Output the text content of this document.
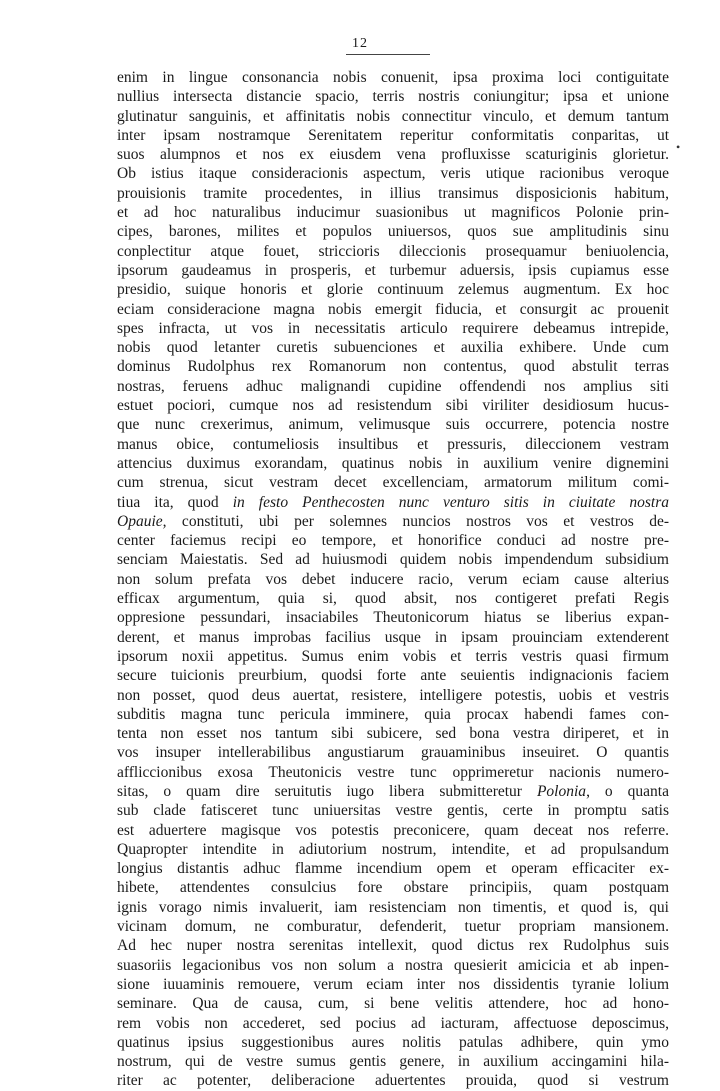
12
•
enim in lingue consonancia nobis conuenit, ipsa proxima loci contiguitate
nullius intersecta distancie spacio, terris nostris coniungitur; ipsa et unione
glutinatur sanguinis, et affinitatis nobis connectitur vinculo, et demum tantum
inter ipsam nostramque Serenitatem reperitur conformitatis conparitas, ut
suos alumpnos et nos ex eiusdem vena profluxisse scaturiginis glorietur.
Ob istius itaque consideracionis aspectum, veris utique racionibus veroque
prouisionis tramite procedentes, in illius transimus disposicionis habitum,
et ad hoc naturalibus inducimur suasionibus ut magnificos Polonie prin-
cipes, barones, milites et populos uniuersos, quos sue amplitudinis sinu
conplectitur atque fouet, striccioris dileccionis prosequamur beniuolencia,
ipsorum gaudeamus in prosperis, et turbemur aduersis, ipsis cupiamus esse
presidio, suique honoris et glorie continuum zelemus augmentum. Ex hoc
eciam consideracione magna nobis emergit fiducia, et consurgit ac prouenit
spes infracta, ut vos in necessitatis articulo requirere debeamus intrepide,
nobis quod letanter curetis subuenciones et auxilia exhibere. Unde cum
dominus Rudolphus rex Romanorum non contentus, quod abstulit terras
nostras, feruens adhuc malignandi cupidine offendendi nos amplius siti
estuet pociori, cumque nos ad resistendum sibi viriliter desidiosum hucus-
que nunc crexerimus, animum, velimusque suis occurrere, potencia nostre
manus obice, contumeliosis insultibus et pressuris, dileccionem vestram
attencius duximus exorandam, quatinus nobis in auxilium venire dignemini
cum strenua, sicut vestram decet excellenciam, armatorum militum comi-
tiua ita, quod in festo Penthecosten nunc venturo sitis in ciuitate nostra
Opauie, constituti, ubi per solemnes nuncios nostros vos et vestros de-
center faciemus recipi eo tempore, et honorifice conduci ad nostre pre-
senciam Maiestatis. Sed ad huiusmodi quidem nobis impendendum subsidium
non solum prefata vos debet inducere racio, verum eciam cause alterius
efficax argumentum, quia si, quod absit, nos contigeret prefati Regis
oppresione pessundari, insaciabiles Theutonicorum hiatus se liberius expan-
derent, et manus improbas facilius usque in ipsam prouinciam extenderent
ipsorum noxii appetitus. Sumus enim vobis et terris vestris quasi firmum
secure tuicionis preurbium, quodsi forte ante seuientis indignacionis faciem
non posset, quod deus auertat, resistere, intelligere potestis, uobis et vestris
subditis magna tunc pericula imminere, quia procax habendi fames con-
tenta non esset nos tantum sibi subicere, sed bona vestra diriperet, et in
vos insuper intellerabilibus angustiarum grauaminibus inseuiret. O quantis
affliccionibus exosa Theutonicis vestre tunc opprimeretur nacionis numero-
sitas, o quam dire seruitutis iugo libera submitteretur Polonia, o quanta
sub clade fatisceret tunc uniuersitas vestre gentis, certe in promptu satis
est aduertere magisque vos potestis preconicere, quam deceat nos referre.
Quapropter intendite in adiutorium nostrum, intendite, et ad propulsandum
longius distantis adhuc flamme incendium opem et operam efficaciter ex-
hibete, attendentes consulcius fore obstare principiis, quam postquam
ignis vorago nimis invaluerit, iam resistenciam non timentis, et quod is, qui
vicinam domum, ne comburatur, defenderit, tuetur propriam mansionem.
Ad hec nuper nostra serenitas intellexit, quod dictus rex Rudolphus suis
suasoriis legacionibus vos non solum a nostra quesierit amicicia et ab inpen-
sione iuuaminis remouere, verum eciam inter nos dissidentis tyranie lolium
seminare. Qua de causa, cum, si bene velitis attendere, hoc ad hono-
rem vobis non accederet, sed pocius ad iacturam, affectuose deposcimus,
quatinus ipsius suggestionibus aures nolitis patulas adhibere, quin ymo
nostrum, qui de vestre sumus gentis genere, in auxilium accingamini hila-
riter ac potenter, deliberacione aduertentes prouida, quod si vestrum
